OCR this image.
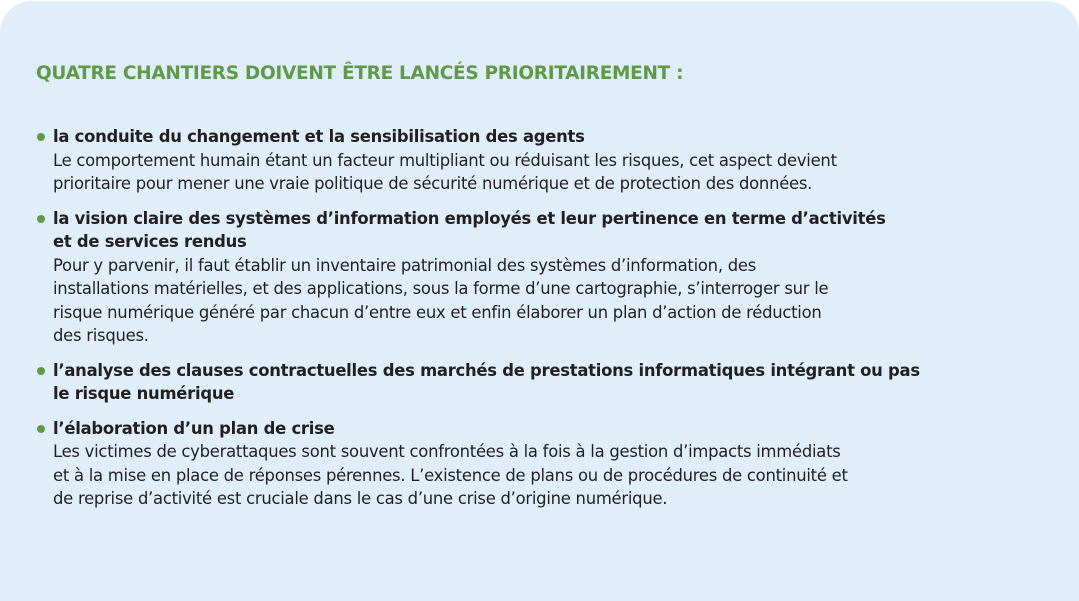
QUATRE CHANTIERS DOIVENT ÊTRE LANCÉS PRIORITAIREMENT :
la conduite du changement et la sensibilisation des agents
Le comportement humain étant un facteur multipliant ou réduisant les risques, cet aspect devient
prioritaire pour mener une vraie politique de sécurité numérique et de protection des données.
la vision claire des systèmes d’information employés et leur pertinence en terme d’activités
et de services rendus
Pour y parvenir, il faut établir un inventaire patrimonial des systèmes d’information, des
installations matérielles, et des applications, sous la forme d’une cartographie, s’interroger sur le
risque numérique généré par chacun d’entre eux et enfin élaborer un plan d’action de réduction
des risques.
l’analyse des clauses contractuelles des marchés de prestations informatiques intégrant ou pas
le risque numérique
l’élaboration d’un plan de crise
Les victimes de cyberattaques sont souvent confrontées à la fois à la gestion d’impacts immédiats
et à la mise en place de réponses pérennes. L’existence de plans ou de procédures de continuité et
de reprise d’activité est cruciale dans le cas d’une crise d’origine numérique.
